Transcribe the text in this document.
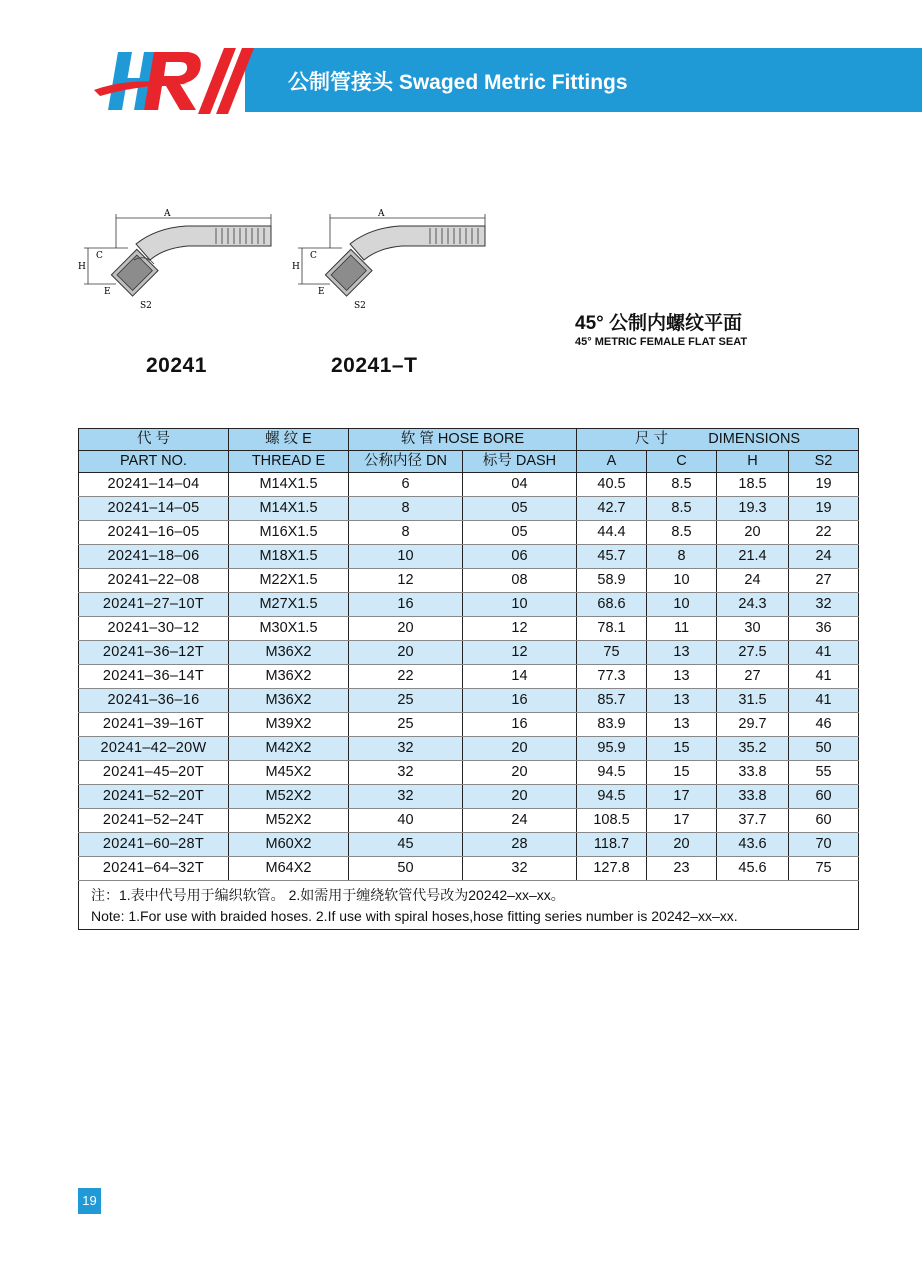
公制管接头 Swaged Metric Fittings
A
H
C
E
S2
A
H
C
E
S2
20241	20241–T
45° 公制内螺纹平面
45° METRIC FEMALE FLAT SEAT
代 号	螺 纹 E	软 管 HOSE BORE		尺 寸 DIMENSIONS			
PART NO.	THREAD E	公称内径 DN	标号 DASH	A	C	H	S2
20241–14–04	M14X1.5	6	04	40.5	8.5	18.5	19
20241–14–05	M14X1.5	8	05	42.7	8.5	19.3	19
20241–16–05	M16X1.5	8	05	44.4	8.5	20	22
20241–18–06	M18X1.5	10	06	45.7	8	21.4	24
20241–22–08	M22X1.5	12	08	58.9	10	24	27
20241–27–10T	M27X1.5	16	10	68.6	10	24.3	32
20241–30–12	M30X1.5	20	12	78.1	11	30	36
20241–36–12T	M36X2	20	12	75	13	27.5	41
20241–36–14T	M36X2	22	14	77.3	13	27	41
20241–36–16	M36X2	25	16	85.7	13	31.5	41
20241–39–16T	M39X2	25	16	83.9	13	29.7	46
20241–42–20W	M42X2	32	20	95.9	15	35.2	50
20241–45–20T	M45X2	32	20	94.5	15	33.8	55
20241–52–20T	M52X2	32	20	94.5	17	33.8	60
20241–52–24T	M52X2	40	24	108.5	17	37.7	60
20241–60–28T	M60X2	45	28	118.7	20	43.6	70
20241–64–32T	M64X2	50	32	127.8	23	45.6	75

注：1.表中代号用于编织软管。 2.如需用于缠绕软管代号改为20242–xx–xx。
Note: 1.For use with braided hoses. 2.If use with spiral hoses,hose fitting series number is 20242–xx–xx.							
19
